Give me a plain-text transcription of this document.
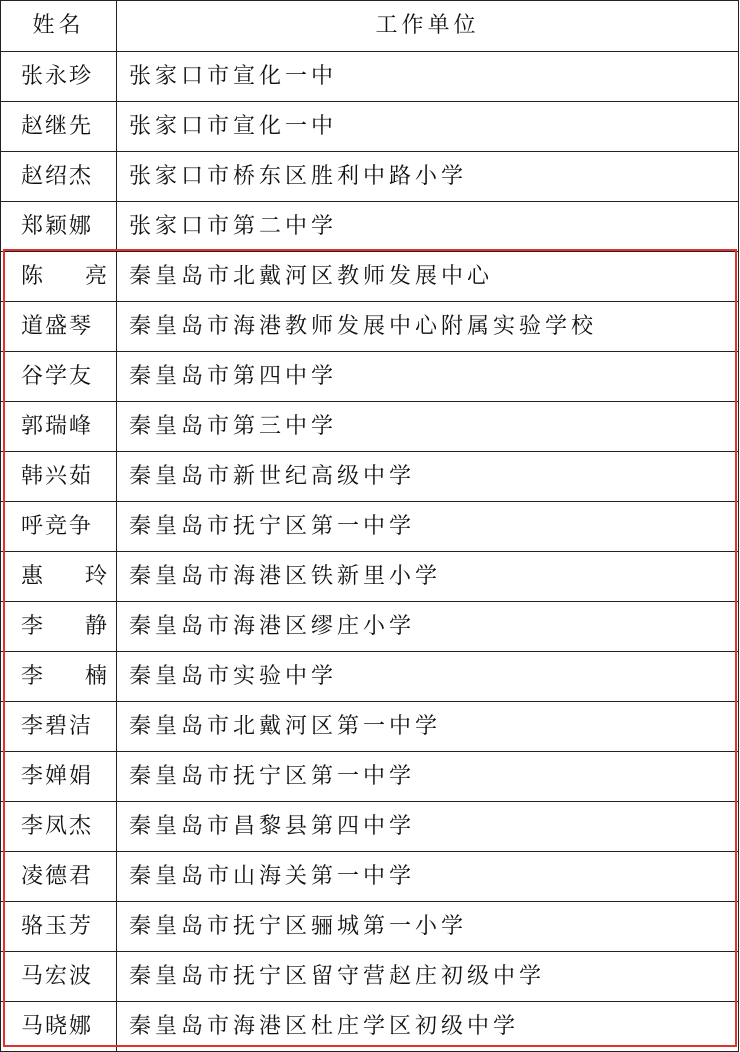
姓名	工作单位
张永珍	张家口市宣化一中
赵继先	张家口市宣化一中
赵绍杰	张家口市桥东区胜利中路小学
郑颖娜	张家口市第二中学
陈 亮	秦皇岛市北戴河区教师发展中心
道盛琴	秦皇岛市海港教师发展中心附属实验学校
谷学友	秦皇岛市第四中学
郭瑞峰	秦皇岛市第三中学
韩兴茹	秦皇岛市新世纪高级中学
呼竞争	秦皇岛市抚宁区第一中学
惠 玲	秦皇岛市海港区铁新里小学
李 静	秦皇岛市海港区缪庄小学
李 楠	秦皇岛市实验中学
李碧洁	秦皇岛市北戴河区第一中学
李婵娟	秦皇岛市抚宁区第一中学
李凤杰	秦皇岛市昌黎县第四中学
凌德君	秦皇岛市山海关第一中学
骆玉芳	秦皇岛市抚宁区骊城第一小学
马宏波	秦皇岛市抚宁区留守营赵庄初级中学
马晓娜	秦皇岛市海港区杜庄学区初级中学
